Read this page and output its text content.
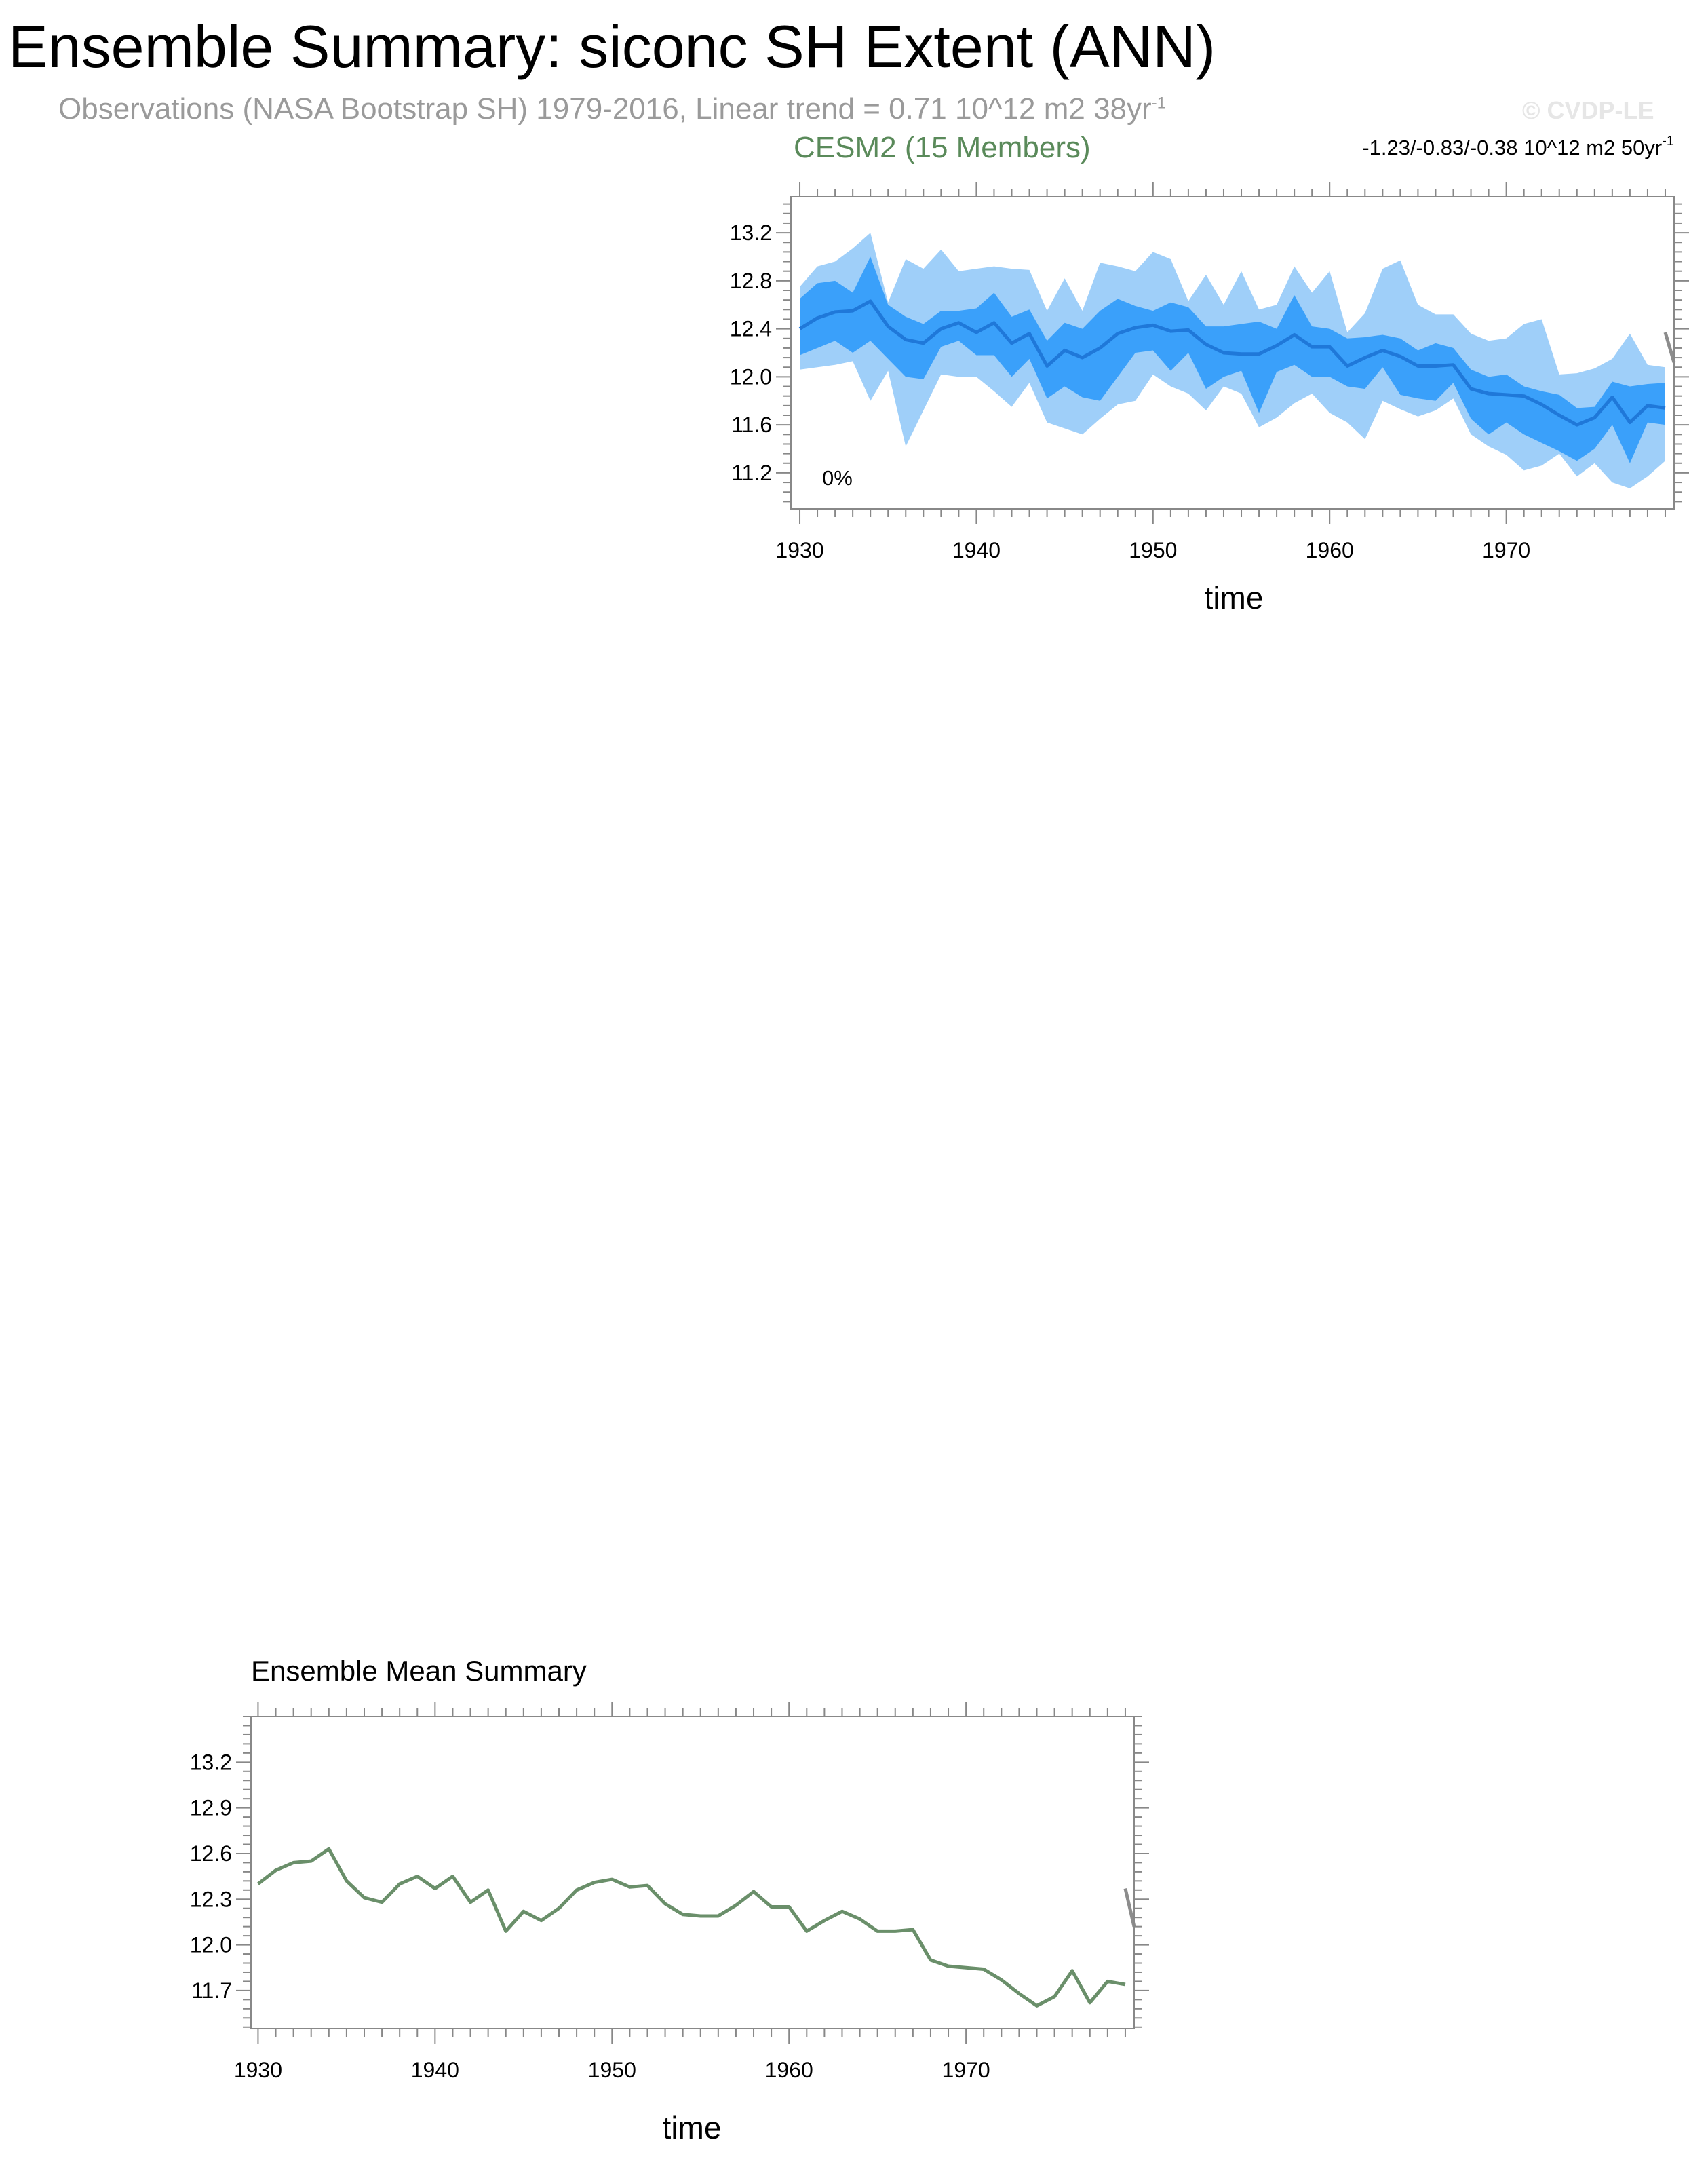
Ensemble Summary: siconc SH Extent (ANN)
Observations (NASA Bootstrap SH) 1979-2016, Linear trend = 0.71 10^12 m2 $38yr^{-1}$	© CVDP-LE
CESM2 (15 Members)	-1.23/-0.83/-0.38 10^12 m2 $50yr^{-1}$
1930	1940	1950	1960	1970
11.2
11.6
12.0
12.4
12.8
13.2
0%
time
Ensemble Mean Summary
1930	1940	1950	1960	1970
11.7
12.0
12.3
12.6
12.9
13.2
time
